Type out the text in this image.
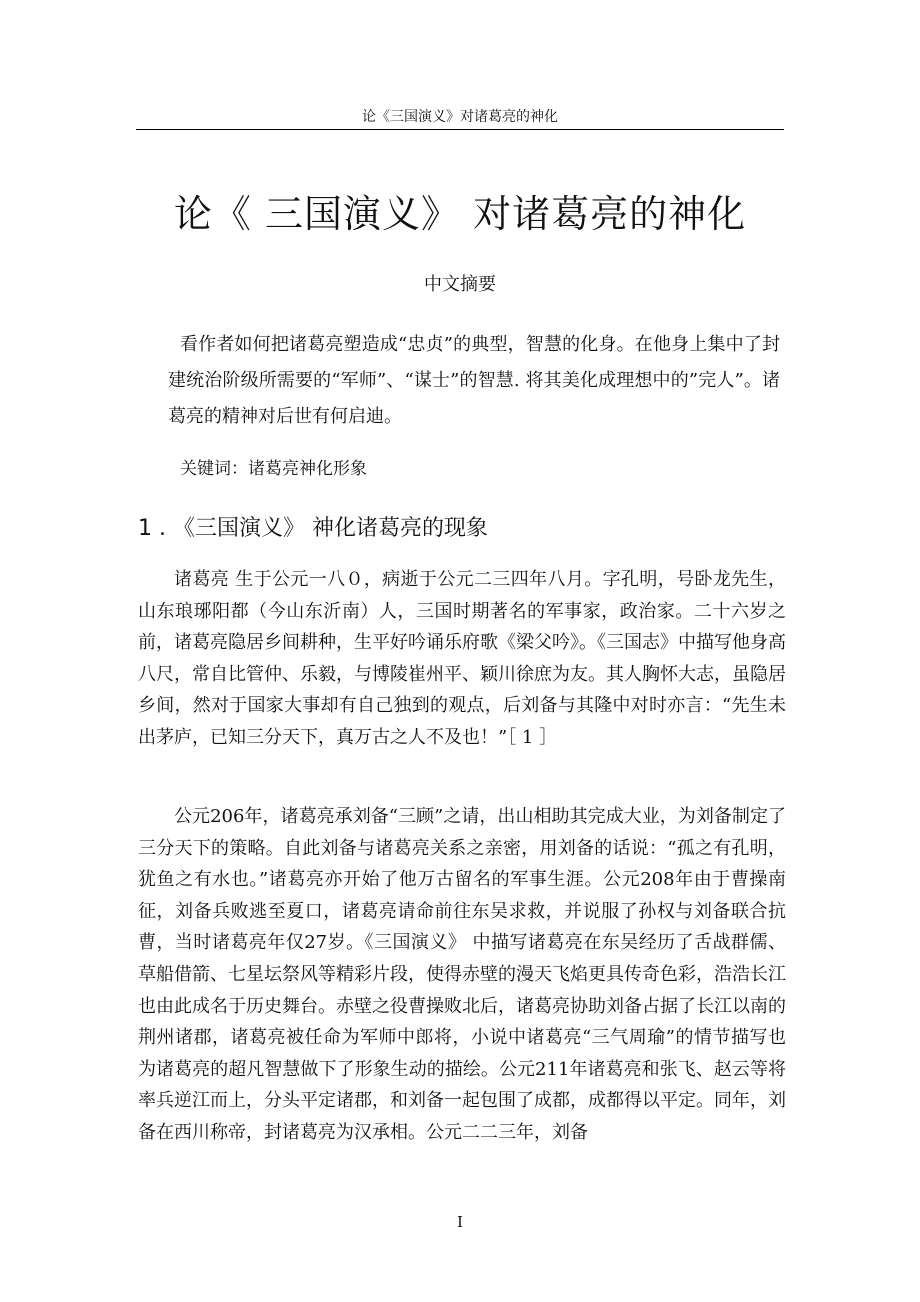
论《三国演义》对诸葛亮的神化
论《 三国演义》 对诸葛亮的神化
中文摘要

看作者如何把诸葛亮塑造成“忠贞”的典型，智慧的化身。在他身上集中了封建统治阶级所需要的“军师”、“谋士”的智慧. 将其美化成理想中的”完人”。诸葛亮的精神对后世有何启迪。

关键词：诸葛亮神化形象
1 . 《三国演义》 神化诸葛亮的现象

诸葛亮 生于公元一八０，病逝于公元二三四年八月。字孔明，号卧龙先生，山东琅琊阳都（今山东沂南）人，三国时期著名的军事家，政治家。二十六岁之前，诸葛亮隐居乡间耕种，生平好吟诵乐府歌《梁父吟》。《三国志》中描写他身高八尺，常自比管仲、乐毅，与博陵崔州平、颖川徐庶为友。其人胸怀大志，虽隐居乡间，然对于国家大事却有自己独到的观点，后刘备与其隆中对时亦言：“先生未出茅庐，已知三分天下，真万古之人不及也！”［ 1 ］

公元206年，诸葛亮承刘备“三顾”之请，出山相助其完成大业，为刘备制定了三分天下的策略。自此刘备与诸葛亮关系之亲密，用刘备的话说：“孤之有孔明，犹鱼之有水也。”诸葛亮亦开始了他万古留名的军事生涯。公元208年由于曹操南征，刘备兵败逃至夏口，诸葛亮请命前往东吴求救，并说服了孙权与刘备联合抗曹，当时诸葛亮年仅27岁。《三国演义》 中描写诸葛亮在东吴经历了舌战群儒、草船借箭、七星坛祭风等精彩片段，使得赤壁的漫天飞焰更具传奇色彩，浩浩长江也由此成名于历史舞台。赤壁之役曹操败北后，诸葛亮协助刘备占据了长江以南的荆州诸郡，诸葛亮被任命为军师中郎将，小说中诸葛亮“三气周瑜”的情节描写也为诸葛亮的超凡智慧做下了形象生动的描绘。公元211年诸葛亮和张飞、赵云等将率兵逆江而上，分头平定诸郡，和刘备一起包围了成都，成都得以平定。同年，刘备在西川称帝，封诸葛亮为汉承相。公元二二三年，刘备

I
